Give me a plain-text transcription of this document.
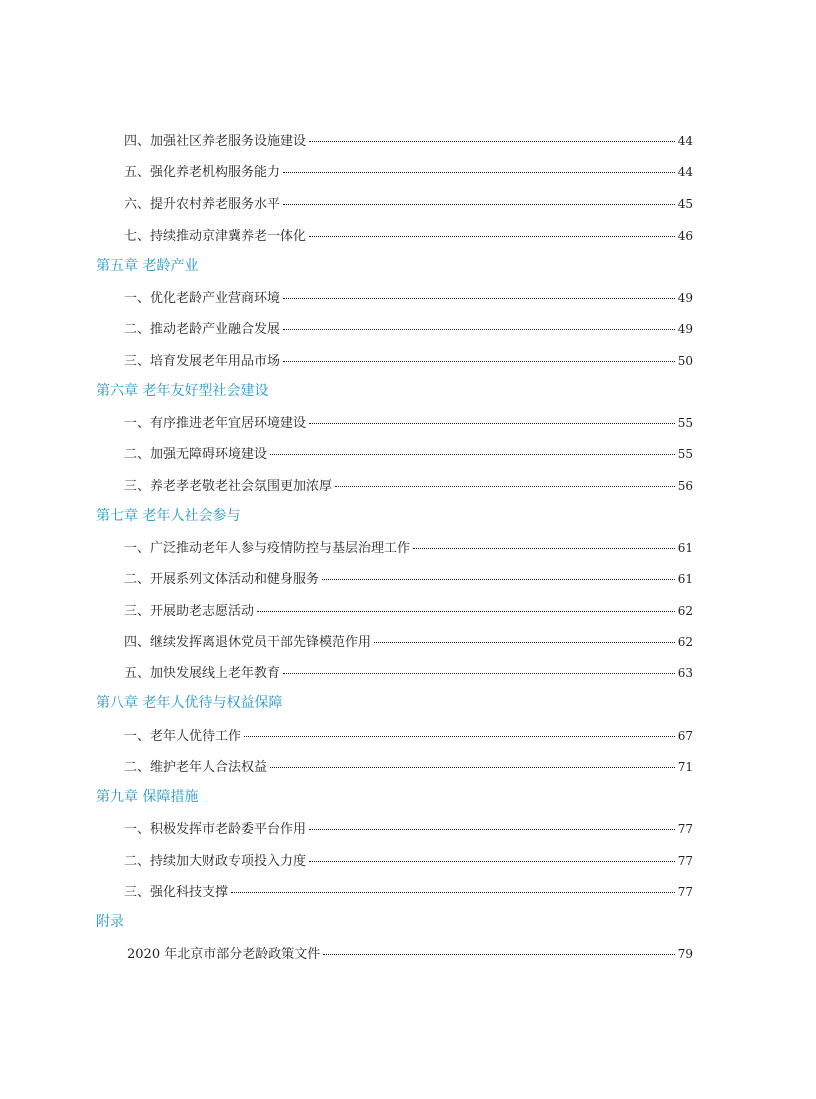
四、加强社区养老服务设施建设	44
五、强化养老机构服务能力	44
六、提升农村养老服务水平	45
七、持续推动京津冀养老一体化	46
第五章 老龄产业
一、优化老龄产业营商环境	49
二、推动老龄产业融合发展	49
三、培育发展老年用品市场	50
第六章 老年友好型社会建设
一、有序推进老年宜居环境建设	55
二、加强无障碍环境建设	55
三、养老孝老敬老社会氛围更加浓厚	56
第七章 老年人社会参与
一、广泛推动老年人参与疫情防控与基层治理工作	61
二、开展系列文体活动和健身服务	61
三、开展助老志愿活动	62
四、继续发挥离退休党员干部先锋模范作用	62
五、加快发展线上老年教育	63
第八章 老年人优待与权益保障
一、老年人优待工作	67
二、维护老年人合法权益	71
第九章 保障措施
一、积极发挥市老龄委平台作用	77
二、持续加大财政专项投入力度	77
三、强化科技支撑	77
附录
2020 年北京市部分老龄政策文件	79
